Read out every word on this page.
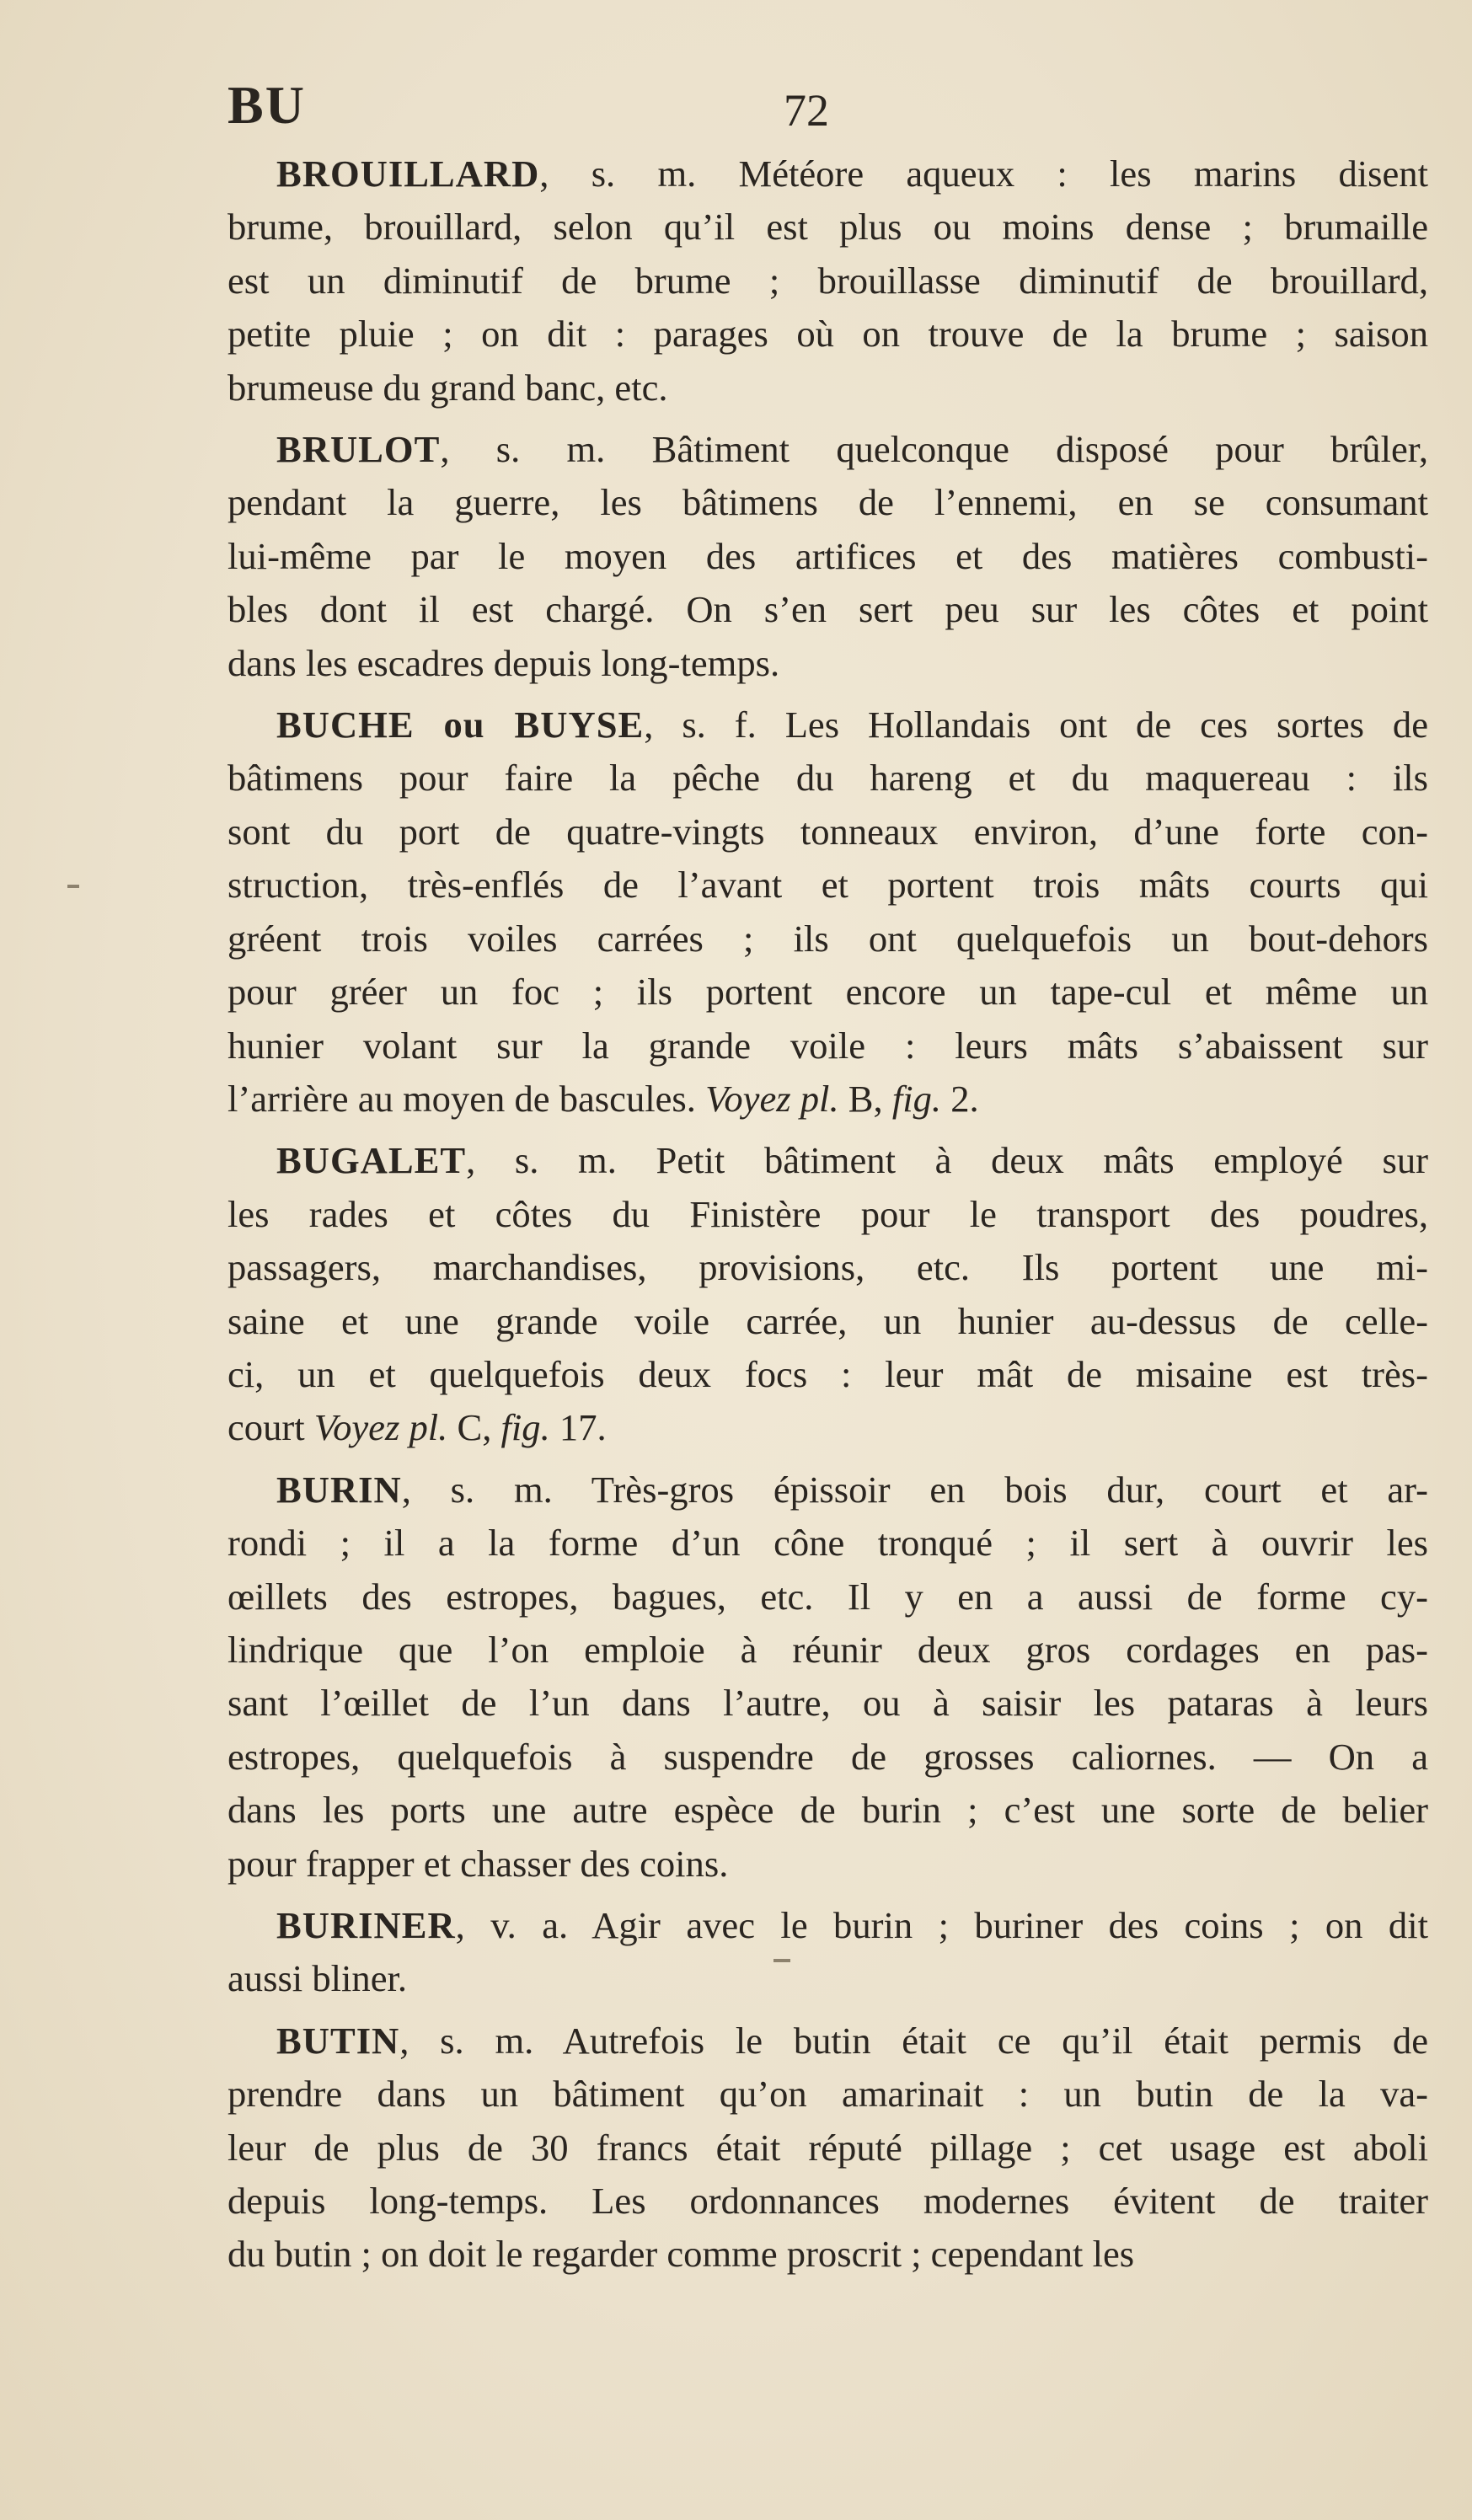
BU	72
BROUILLARD, s. m. Météore aqueux : les marins disent
brume, brouillard, selon qu’il est plus ou moins dense ; brumaille
est un diminutif de brume ; brouillasse diminutif de brouillard,
petite pluie ; on dit : parages où on trouve de la brume ; saison
brumeuse du grand banc, etc.
BRULOT, s. m. Bâtiment quelconque disposé pour brûler,
pendant la guerre, les bâtimens de l’ennemi, en se consumant
lui-même par le moyen des artifices et des matières combusti-
bles dont il est chargé. On s’en sert peu sur les côtes et point
dans les escadres depuis long-temps.
BUCHE ou BUYSE, s. f. Les Hollandais ont de ces sortes de
bâtimens pour faire la pêche du hareng et du maquereau : ils
sont du port de quatre-vingts tonneaux environ, d’une forte con-
struction, très-enflés de l’avant et portent trois mâts courts qui
gréent trois voiles carrées ; ils ont quelquefois un bout-dehors
pour gréer un foc ; ils portent encore un tape-cul et même un
hunier volant sur la grande voile : leurs mâts s’abaissent sur
l’arrière au moyen de bascules. Voyez pl. B, fig. 2.
BUGALET, s. m. Petit bâtiment à deux mâts employé sur
les rades et côtes du Finistère pour le transport des poudres,
passagers, marchandises, provisions, etc. Ils portent une mi-
saine et une grande voile carrée, un hunier au-dessus de celle-
ci, un et quelquefois deux focs : leur mât de misaine est très-
court Voyez pl. C, fig. 17.
BURIN, s. m. Très-gros épissoir en bois dur, court et ar-
rondi ; il a la forme d’un cône tronqué ; il sert à ouvrir les
œillets des estropes, bagues, etc. Il y en a aussi de forme cy-
lindrique que l’on emploie à réunir deux gros cordages en pas-
sant l’œillet de l’un dans l’autre, ou à saisir les pataras à leurs
estropes, quelquefois à suspendre de grosses caliornes. — On a
dans les ports une autre espèce de burin ; c’est une sorte de belier
pour frapper et chasser des coins.
BURINER, v. a. Agir avec le burin ; buriner des coins ; on dit
aussi bliner.
BUTIN, s. m. Autrefois le butin était ce qu’il était permis de
prendre dans un bâtiment qu’on amarinait : un butin de la va-
leur de plus de 30 francs était réputé pillage ; cet usage est aboli
depuis long-temps. Les ordonnances modernes évitent de traiter
du butin ; on doit le regarder comme proscrit ; cependant les
